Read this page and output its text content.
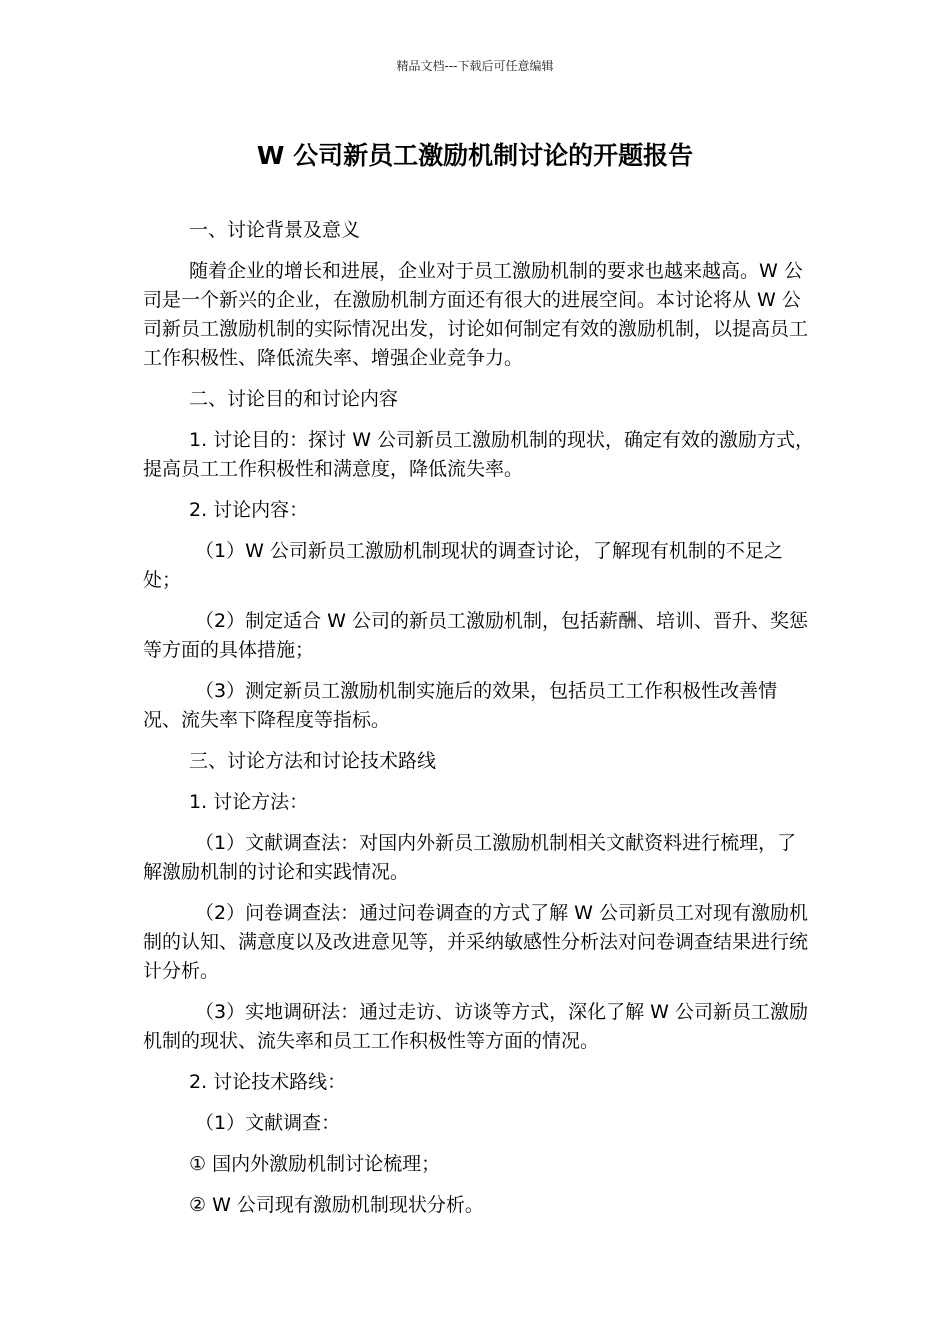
精品文档---下载后可任意编辑
W 公司新员工激励机制讨论的开题报告

一、讨论背景及意义

随着企业的增长和进展，企业对于员工激励机制的要求也越来越高。W 公司是一个新兴的企业，在激励机制方面还有很大的进展空间。本讨论将从 W 公司新员工激励机制的实际情况出发，讨论如何制定有效的激励机制，以提高员工工作积极性、降低流失率、增强企业竞争力。

二、讨论目的和讨论内容

1. 讨论目的：探讨 W 公司新员工激励机制的现状，确定有效的激励方式，提高员工工作积极性和满意度，降低流失率。

2. 讨论内容：

（1）W 公司新员工激励机制现状的调查讨论，了解现有机制的不足之处；

（2）制定适合 W 公司的新员工激励机制，包括薪酬、培训、晋升、奖惩等方面的具体措施；

（3）测定新员工激励机制实施后的效果，包括员工工作积极性改善情况、流失率下降程度等指标。

三、讨论方法和讨论技术路线

1. 讨论方法：

（1）文献调查法：对国内外新员工激励机制相关文献资料进行梳理，了解激励机制的讨论和实践情况。

（2）问卷调查法：通过问卷调查的方式了解 W 公司新员工对现有激励机制的认知、满意度以及改进意见等，并采纳敏感性分析法对问卷调查结果进行统计分析。

（3）实地调研法：通过走访、访谈等方式，深化了解 W 公司新员工激励机制的现状、流失率和员工工作积极性等方面的情况。

2. 讨论技术路线：

（1）文献调查：

① 国内外激励机制讨论梳理；

② W 公司现有激励机制现状分析。
